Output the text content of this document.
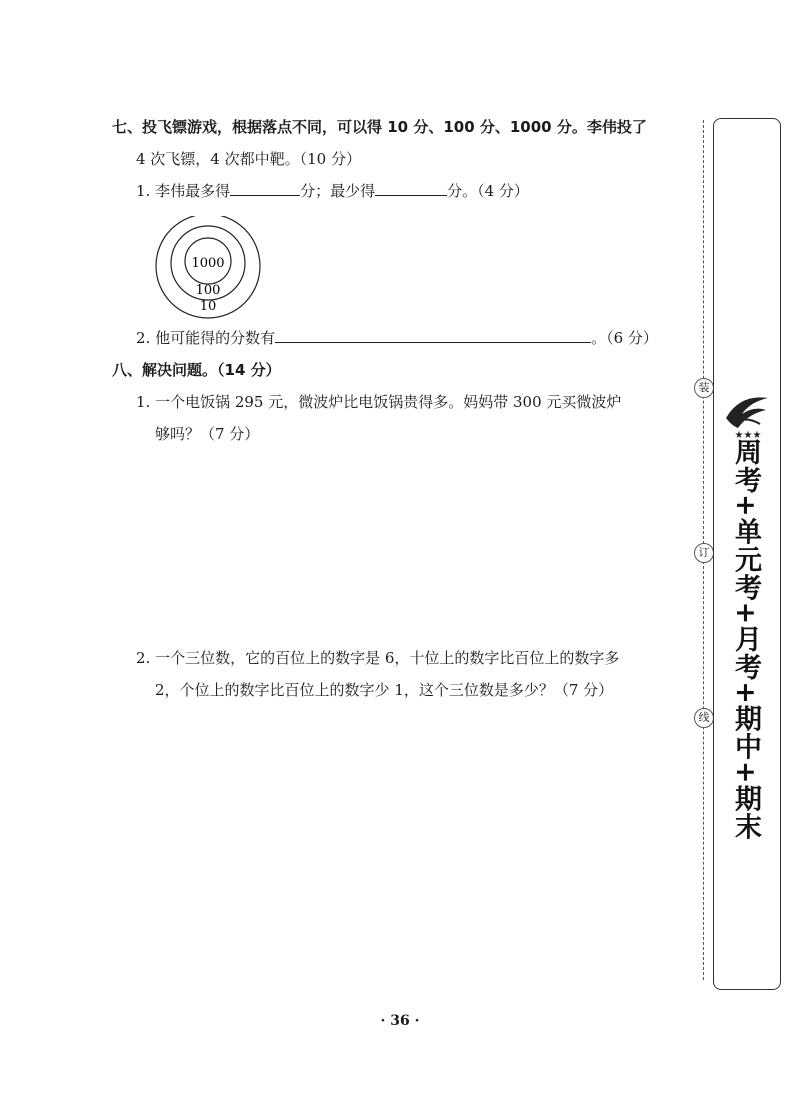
七、投飞镖游戏，根据落点不同，可以得 10 分、100 分、1000 分。李伟投了
4 次飞镖，4 次都中靶。（10 分）
1. 李伟最多得	分；最少得	分。（4 分）
1000
100
10
2. 他可能得的分数有	。（6 分）
八、解决问题。（14 分）
1. 一个电饭锅 295 元，微波炉比电饭锅贵得多。妈妈带 300 元买微波炉
够吗？（7 分）
2. 一个三位数，它的百位上的数字是 6，十位上的数字比百位上的数字多
2，个位上的数字比百位上的数字少 1，这个三位数是多少？（7 分）
装
订
线
★★★
周考+单元考+月考+期中+期末
· 36 ·
